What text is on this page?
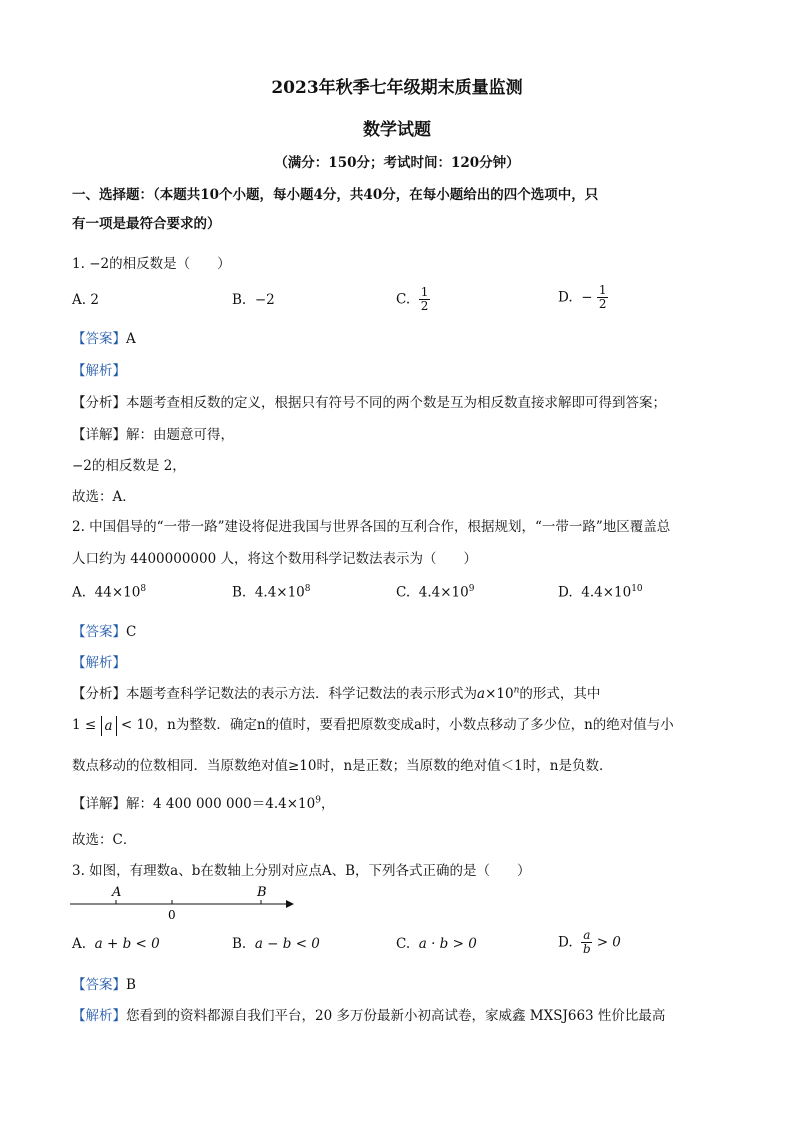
2023年秋季七年级期末质量监测
数学试题
（满分：150分；考试时间：120分钟）
一、选择题：（本题共10个小题，每小题4分，共40分，在每小题给出的四个选项中，只
有一项是最符合要求的）
1. −2的相反数是（　　）
A. 2	B. −2	C. $\frac{1}{2}$	D. − $\frac{1}{2}$
【答案】A
【解析】
【分析】本题考查相反数的定义，根据只有符号不同的两个数是互为相反数直接求解即可得到答案；
【详解】解：由题意可得，
−2的相反数是 2，
故选：A．
2. 中国倡导的“一带一路”建设将促进我国与世界各国的互利合作，根据规划，“一带一路”地区覆盖总
人口约为 4400000000 人，将这个数用科学记数法表示为（　　）
A. $44\times 10^8$	B. $4.4\times 10^8$	C. $4.4\times 10^9$	D. $4.4\times 10^{10}$
【答案】C
【解析】
【分析】本题考查科学记数法的表示方法．科学记数法的表示形式为$a\times 10^n$的形式，其中
1 ≤ a < 10，n为整数．确定n的值时，要看把原数变成a时，小数点移动了多少位，n的绝对值与小
数点移动的位数相同．当原数绝对值≥10时，n是正数；当原数的绝对值＜1时，n是负数．
【详解】解：4 400 000 $000=4.4\times 10^9$，
故选：C．
3. 如图，有理数a、b在数轴上分别对应点A、B，下列各式正确的是（　　）
A	B
0
A. a + b < 0	B. a − b < 0	C. a · b > 0	D. $\frac{a}{b} > 0$
【答案】B
【解析】您看到的资料都源自我们平台，20 多万份最新小初高试卷，家威鑫 MXSJ663 性价比最高
